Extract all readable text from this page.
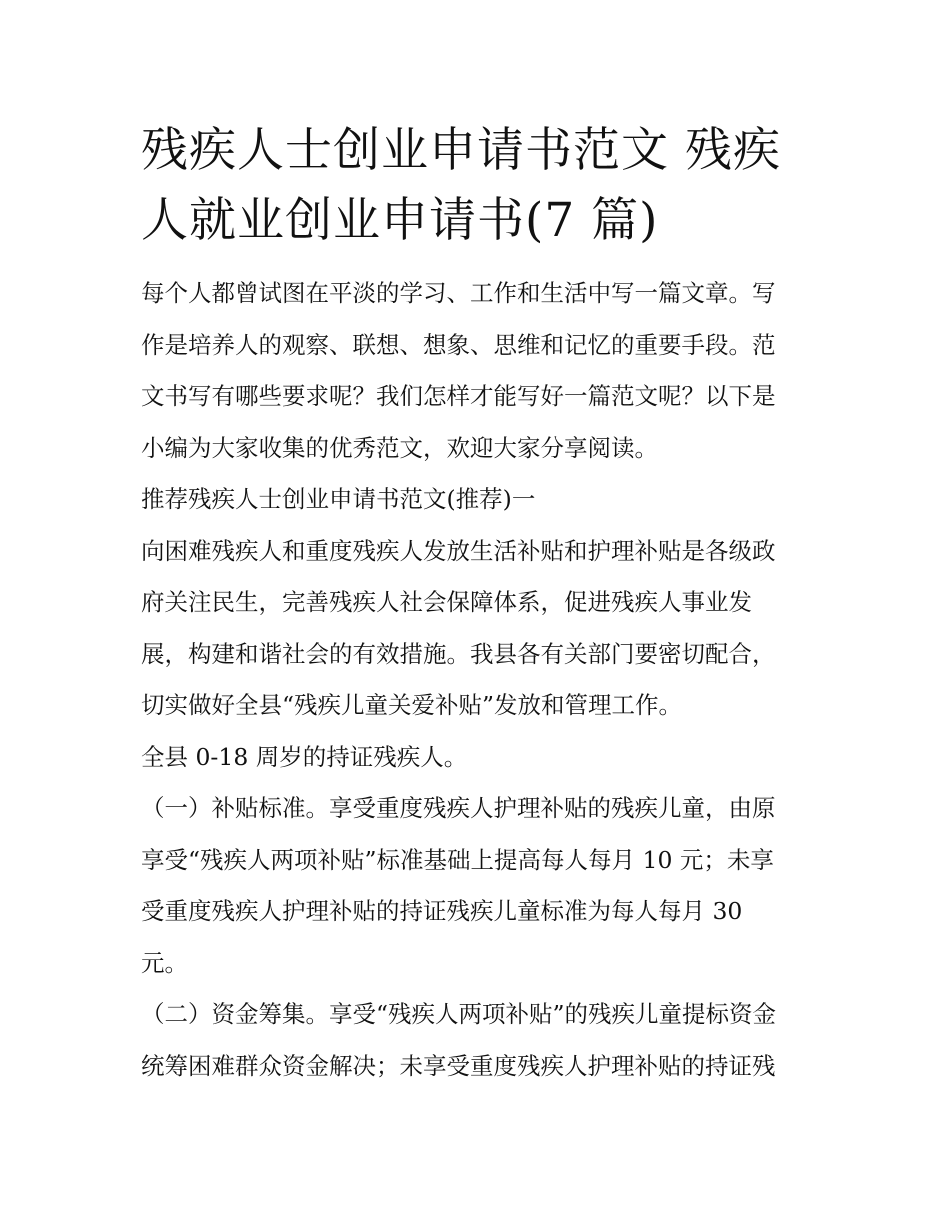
残疾人士创业申请书范文 残疾
人就业创业申请书(7 篇)

每个人都曾试图在平淡的学习、工作和生活中写一篇文章。写
作是培养人的观察、联想、想象、思维和记忆的重要手段。范
文书写有哪些要求呢？我们怎样才能写好一篇范文呢？以下是
小编为大家收集的优秀范文，欢迎大家分享阅读。

推荐残疾人士创业申请书范文(推荐)一

向困难残疾人和重度残疾人发放生活补贴和护理补贴是各级政
府关注民生，完善残疾人社会保障体系，促进残疾人事业发
展，构建和谐社会的有效措施。我县各有关部门要密切配合，
切实做好全县“残疾儿童关爱补贴”发放和管理工作。

全县 0-18 周岁的持证残疾人。

（一）补贴标准。享受重度残疾人护理补贴的残疾儿童，由原
享受“残疾人两项补贴”标准基础上提高每人每月 10 元；未享
受重度残疾人护理补贴的持证残疾儿童标准为每人每月 30
元。

（二）资金筹集。享受“残疾人两项补贴”的残疾儿童提标资金
统筹困难群众资金解决；未享受重度残疾人护理补贴的持证残
